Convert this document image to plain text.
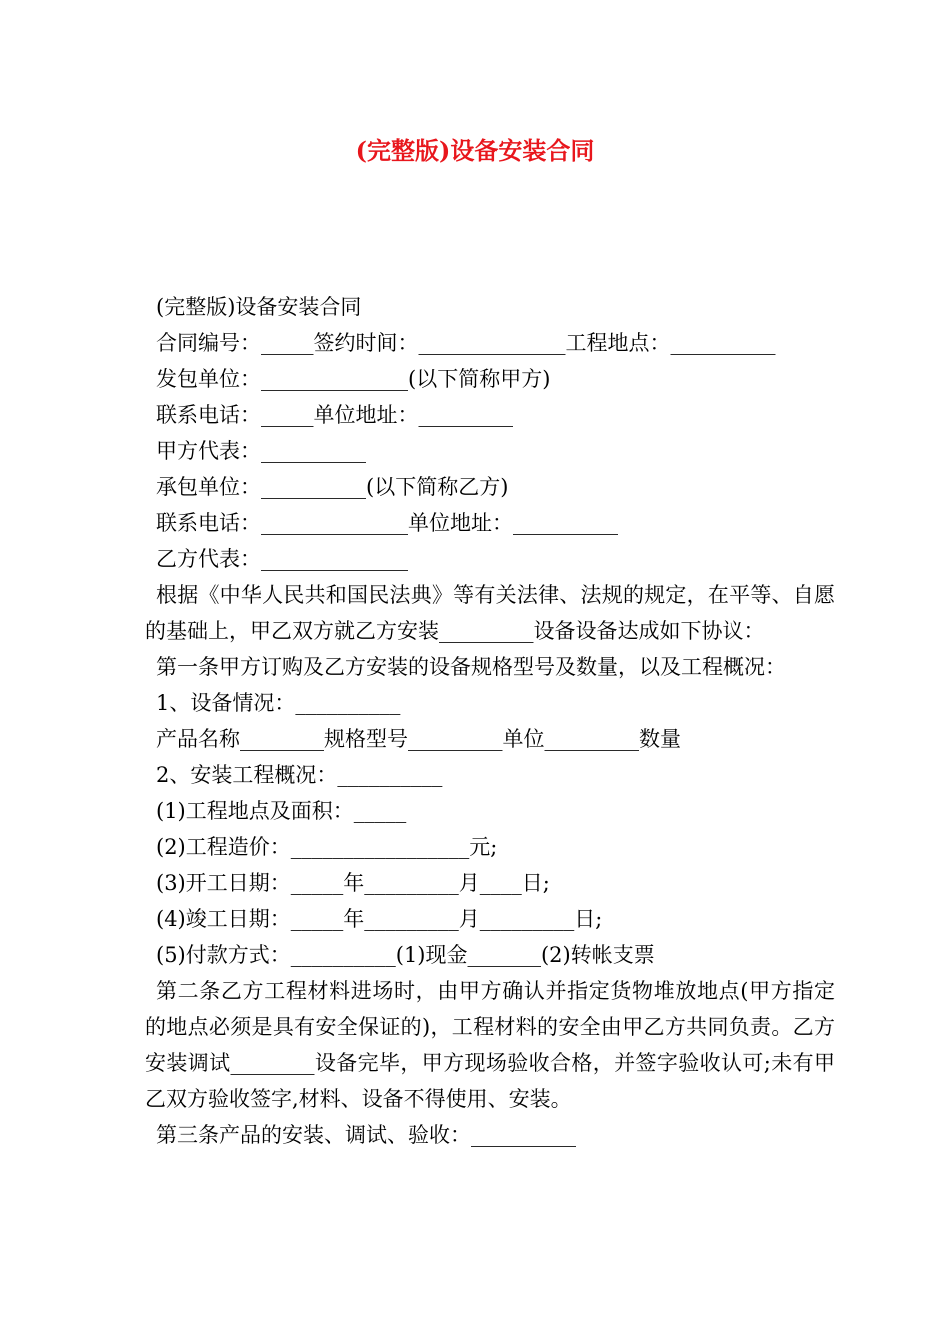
(完整版)设备安装合同
(完整版)设备安装合同
合同编号：_____签约时间：______________工程地点：__________
发包单位：______________(以下简称甲方)
联系电话：_____单位地址：_________
甲方代表：__________
承包单位：__________(以下简称乙方)
联系电话：______________单位地址：__________
乙方代表：______________
根据《中华人民共和国民法典》等有关法律、法规的规定，在平等、自愿的基础上，甲乙双方就乙方安装_________设备设备达成如下协议：
第一条甲方订购及乙方安装的设备规格型号及数量，以及工程概况：
1、设备情况：__________
产品名称________规格型号_________单位_________数量
2、安装工程概况：__________
(1)工程地点及面积：_____
(2)工程造价：_________________元;
(3)开工日期：_____年_________月____日;
(4)竣工日期：_____年_________月_________日;
(5)付款方式：__________(1)现金_______(2)转帐支票
第二条乙方工程材料进场时，由甲方确认并指定货物堆放地点(甲方指定的地点必须是具有安全保证的)，工程材料的安全由甲乙方共同负责。乙方安装调试________设备完毕，甲方现场验收合格，并签字验收认可;未有甲乙双方验收签字,材料、设备不得使用、安装。
第三条产品的安装、调试、验收：__________
